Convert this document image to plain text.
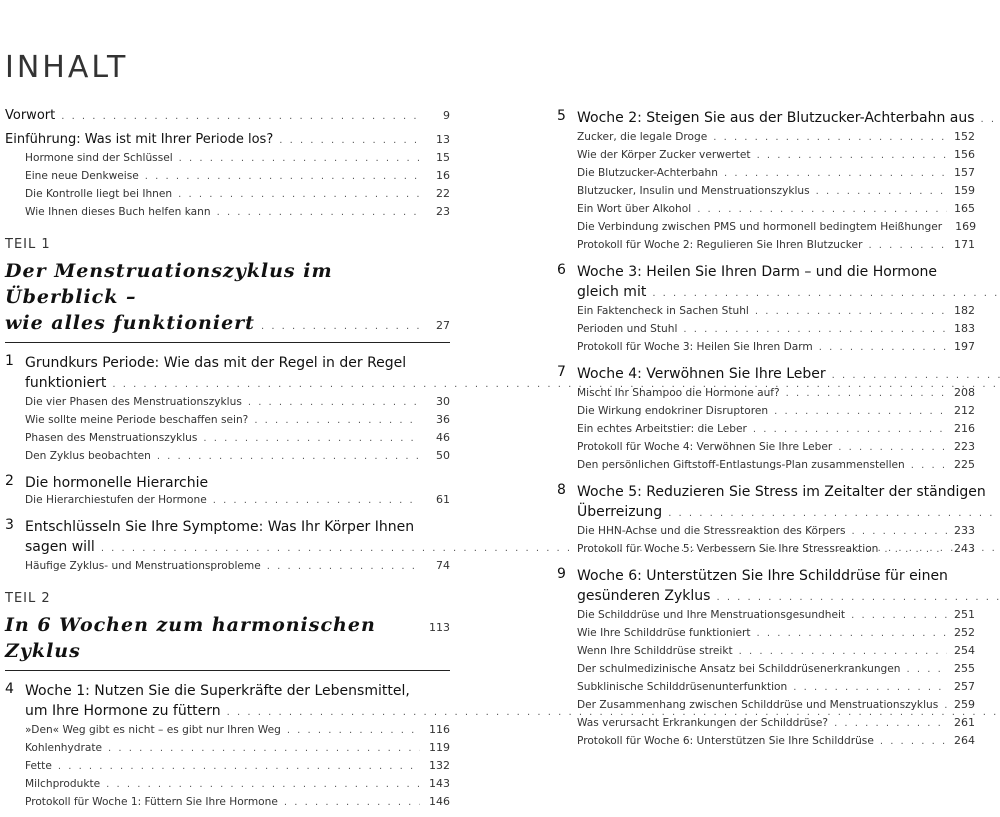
INHALT
Vorwort . . .	9
Einführung: Was ist mit Ihrer Periode los? . . .	13
Hormone sind der Schlüssel . . .	15
Eine neue Denkweise . . .	16
Die Kontrolle liegt bei Ihnen . . .	22
Wie Ihnen dieses Buch helfen kann . . .	23
TEIL 1
Der Menstruationszyklus im Überblick –
wie alles funktioniert . . .	27
1 Grundkurs Periode: Wie das mit der Regel in der Regel
funktioniert
. . .
Die vier Phasen des Menstruationszyklus . . .	30
Wie sollte meine Periode beschaffen sein? . . .	36
Phasen des Menstruationszyklus . . .	46
Den Zyklus beobachten . . .	50
2 Die hormonelle Hierarchie
Die Hierarchiestufen der Hormone . . .	61
3 Entschlüsseln Sie Ihre Symptome: Was Ihr Körper Ihnen
sagen will
. . .
Häufige Zyklus- und Menstruationsprobleme . . .	74
TEIL 2
In 6 Wochen zum harmonischen Zyklus
113
4 Woche 1: Nutzen Sie die Superkräfte der Lebensmittel,
um Ihre Hormone zu füttern
. . .
»Den« Weg gibt es nicht – es gibt nur Ihren Weg . . .	116
Kohlenhydrate . . .	119
Fette . . .	132
Milchprodukte . . .	143
Protokoll für Woche 1: Füttern Sie Ihre Hormone . . .	146
5 Woche 2: Steigen Sie aus der Blutzucker-Achterbahn aus
. . .
Zucker, die legale Droge . . .	152
Wie der Körper Zucker verwertet . . .	156
Die Blutzucker-Achterbahn . . .	157
Blutzucker, Insulin und Menstruationszyklus . . .	159
Ein Wort über Alkohol . . .	165
Die Verbindung zwischen PMS und hormonell bedingtem Heißhunger 169
Protokoll für Woche 2: Regulieren Sie Ihren Blutzucker . . .	171
6 Woche 3: Heilen Sie Ihren Darm – und die Hormone
gleich mit
. . .
Ein Faktencheck in Sachen Stuhl . . .	182
Perioden und Stuhl . . .	183
Protokoll für Woche 3: Heilen Sie Ihren Darm . . .	197
7 Woche 4: Verwöhnen Sie Ihre Leber
. . .
Mischt Ihr Shampoo die Hormone auf? . . .	208
Die Wirkung endokriner Disruptoren . . .	212
Ein echtes Arbeitstier: die Leber . . .	216
Protokoll für Woche 4: Verwöhnen Sie Ihre Leber . . .	223
Den persönlichen Giftstoff-Entlastungs-Plan zusammenstellen . . .	225
8 Woche 5: Reduzieren Sie Stress im Zeitalter der ständigen
Überreizung
. . .
Die HHN-Achse und die Stressreaktion des Körpers . . .	233
Protokoll für Woche 5: Verbessern Sie Ihre Stressreaktion . . .	243
9 Woche 6: Unterstützen Sie Ihre Schilddrüse für einen
gesünderen Zyklus
. . .
Die Schilddrüse und Ihre Menstruationsgesundheit . . .	251
Wie Ihre Schilddrüse funktioniert . . .	252
Wenn Ihre Schilddrüse streikt . . .	254
Der schulmedizinische Ansatz bei Schilddrüsenerkrankungen . . .	255
Subklinische Schilddrüsenunterfunktion . . .	257
Der Zusammenhang zwischen Schilddrüse und Menstruationszyklus . . . 259
Was verursacht Erkrankungen der Schilddrüse? . . .	261
Protokoll für Woche 6: Unterstützen Sie Ihre Schilddrüse . . .	264
